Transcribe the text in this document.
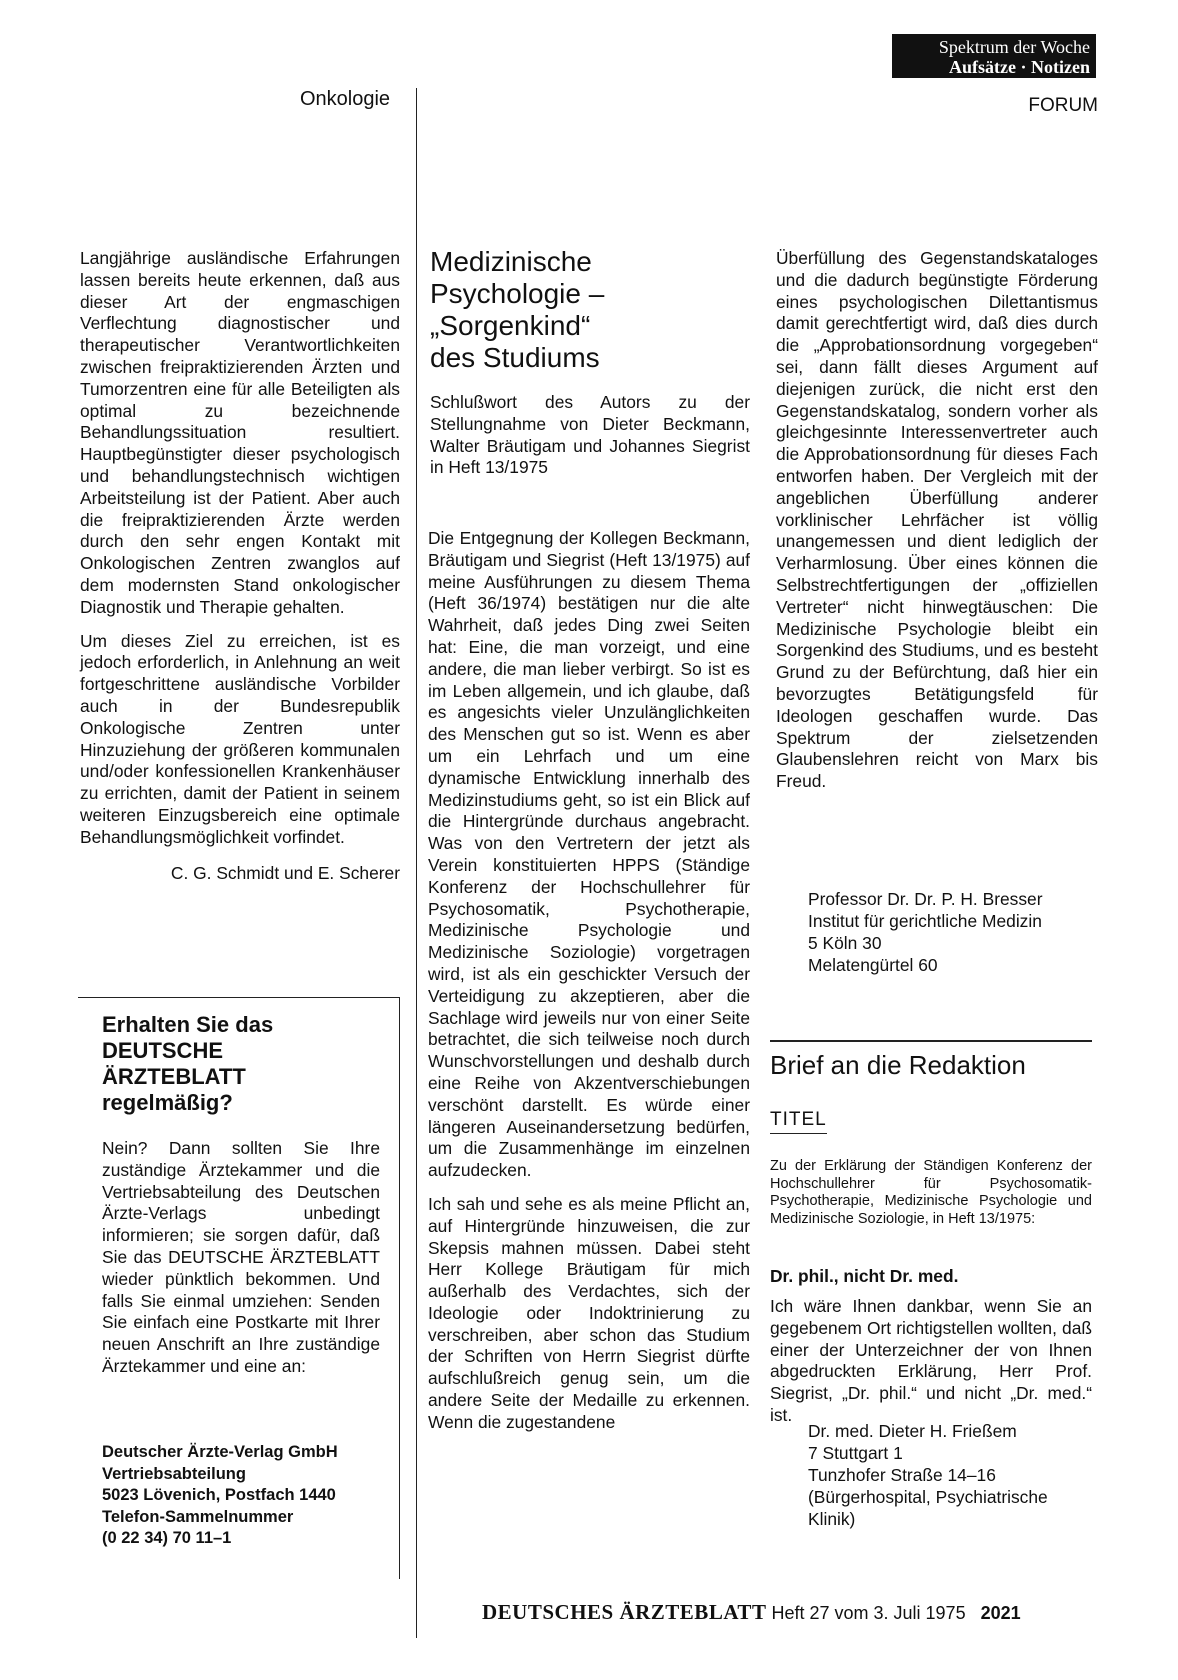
Spektrum der Woche
Aufsätze · Notizen
Onkologie	FORUM

Langjährige ausländische Erfahrungen lassen bereits heute erkennen, daß aus dieser Art der engmaschigen Verflechtung diagnostischer und therapeutischer Verantwortlichkeiten zwischen freipraktizierenden Ärzten und Tumorzentren eine für alle Beteiligten als optimal zu bezeichnende Behandlungssituation resultiert. Hauptbegünstigter dieser psychologisch und behandlungstechnisch wichtigen Arbeitsteilung ist der Patient. Aber auch die freipraktizierenden Ärzte werden durch den sehr engen Kontakt mit Onkologischen Zentren zwanglos auf dem modernsten Stand onkologischer Diagnostik und Therapie gehalten.

Um dieses Ziel zu erreichen, ist es jedoch erforderlich, in Anlehnung an weit fortgeschrittene ausländische Vorbilder auch in der Bundesrepublik Onkologische Zentren unter Hinzuziehung der größeren kommunalen und/oder konfessionellen Krankenhäuser zu errichten, damit der Patient in seinem weiteren Einzugsbereich eine optimale Behandlungsmöglichkeit vorfindet.

C. G. Schmidt und E. Scherer
Erhalten Sie das
DEUTSCHE
ÄRZTEBLATT
regelmäßig?
Nein? Dann sollten Sie Ihre zuständige Ärztekammer und die Vertriebsabteilung des Deutschen Ärzte-Verlags unbedingt informieren; sie sorgen dafür, daß Sie das DEUTSCHE ÄRZTEBLATT wieder pünktlich bekommen. Und falls Sie einmal umziehen: Senden Sie einfach eine Postkarte mit Ihrer neuen Anschrift an Ihre zuständige Ärztekammer und eine an:
Deutscher Ärzte-Verlag GmbH
Vertriebsabteilung
5023 Lövenich, Postfach 1440
Telefon-Sammelnummer
(0 22 34) 70 11–1
Medizinische
Psychologie –
„Sorgenkind“
des Studiums
Schlußwort des Autors zu der Stellungnahme von Dieter Beckmann, Walter Bräutigam und Johannes Siegrist in Heft 13/1975

Die Entgegnung der Kollegen Beckmann, Bräutigam und Siegrist (Heft 13/1975) auf meine Ausführungen zu diesem Thema (Heft 36/1974) bestätigen nur die alte Wahrheit, daß jedes Ding zwei Seiten hat: Eine, die man vorzeigt, und eine andere, die man lieber verbirgt. So ist es im Leben allgemein, und ich glaube, daß es angesichts vieler Unzulänglichkeiten des Menschen gut so ist. Wenn es aber um ein Lehrfach und um eine dynamische Entwicklung innerhalb des Medizinstudiums geht, so ist ein Blick auf die Hintergründe durchaus angebracht. Was von den Vertretern der jetzt als Verein konstituierten HPPS (Ständige Konferenz der Hochschullehrer für Psychosomatik, Psychotherapie, Medizinische Psychologie und Medizinische Soziologie) vorgetragen wird, ist als ein geschickter Versuch der Verteidigung zu akzeptieren, aber die Sachlage wird jeweils nur von einer Seite betrachtet, die sich teilweise noch durch Wunschvorstellungen und deshalb durch eine Reihe von Akzentverschiebungen verschönt darstellt. Es würde einer längeren Auseinandersetzung bedürfen, um die Zusammenhänge im einzelnen aufzudecken.

Ich sah und sehe es als meine Pflicht an, auf Hintergründe hinzuweisen, die zur Skepsis mahnen müssen. Dabei steht Herr Kollege Bräutigam für mich außerhalb des Verdachtes, sich der Ideologie oder Indoktrinierung zu verschreiben, aber schon das Studium der Schriften von Herrn Siegrist dürfte aufschlußreich genug sein, um die andere Seite der Medaille zu erkennen. Wenn die zugestandene

Überfüllung des Gegenstandskataloges und die dadurch begünstigte Förderung eines psychologischen Dilettantismus damit gerechtfertigt wird, daß dies durch die „Approbationsordnung vorgegeben“ sei, dann fällt dieses Argument auf diejenigen zurück, die nicht erst den Gegenstandskatalog, sondern vorher als gleichgesinnte Interessenvertreter auch die Approbationsordnung für dieses Fach entworfen haben. Der Vergleich mit der angeblichen Überfüllung anderer vorklinischer Lehrfächer ist völlig unangemessen und dient lediglich der Verharmlosung. Über eines können die Selbstrechtfertigungen der „offiziellen Vertreter“ nicht hinwegtäuschen: Die Medizinische Psychologie bleibt ein Sorgenkind des Studiums, und es besteht Grund zu der Befürchtung, daß hier ein bevorzugtes Betätigungsfeld für Ideologen geschaffen wurde. Das Spektrum der zielsetzenden Glaubenslehren reicht von Marx bis Freud.

Professor Dr. Dr. P. H. Bresser
Institut für gerichtliche Medizin
5 Köln 30
Melatengürtel 60
Brief an die Redaktion
TITEL
Zu der Erklärung der Ständigen Konferenz der Hochschullehrer für Psychosomatik-Psychotherapie, Medizinische Psychologie und Medizinische Soziologie, in Heft 13/1975:
Dr. phil., nicht Dr. med.
Ich wäre Ihnen dankbar, wenn Sie an gegebenem Ort richtigstellen wollten, daß einer der Unterzeichner der von Ihnen abgedruckten Erklärung, Herr Prof. Siegrist, „Dr. phil.“ und nicht „Dr. med.“ ist.
Dr. med. Dieter H. Frießem
7 Stuttgart 1
Tunzhofer Straße 14–16
(Bürgerhospital, Psychiatrische
Klinik)
DEUTSCHES ÄRZTEBLATT Heft 27 vom 3. Juli 1975 2021
